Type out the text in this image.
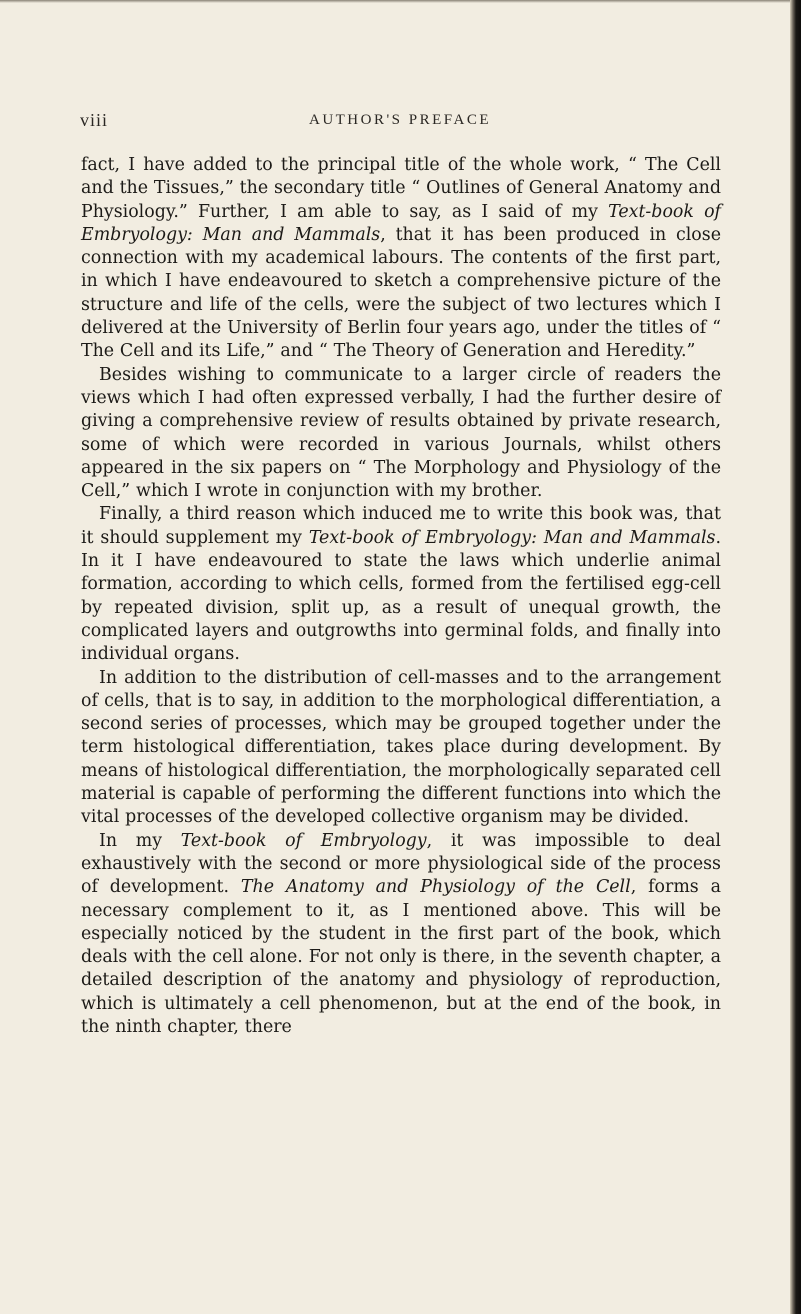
viii	AUTHOR'S PREFACE

fact, I have added to the principal title of the whole work, “ The Cell and the Tissues,” the secondary title “ Outlines of General Anatomy and Physiology.” Further, I am able to say, as I said of my Text-book of Embryology: Man and Mammals, that it has been produced in close connection with my academical labours. The contents of the first part, in which I have endeavoured to sketch a comprehensive picture of the structure and life of the cells, were the subject of two lectures which I delivered at the University of Berlin four years ago, under the titles of “ The Cell and its Life,” and “ The Theory of Generation and Heredity.”

Besides wishing to communicate to a larger circle of readers the views which I had often expressed verbally, I had the further desire of giving a comprehensive review of results obtained by private research, some of which were recorded in various Journals, whilst others appeared in the six papers on “ The Morphology and Physiology of the Cell,” which I wrote in conjunction with my brother.

Finally, a third reason which induced me to write this book was, that it should supplement my Text-book of Embryology: Man and Mammals. In it I have endeavoured to state the laws which underlie animal formation, according to which cells, formed from the fertilised egg-cell by repeated division, split up, as a result of unequal growth, the complicated layers and outgrowths into germinal folds, and finally into individual organs.

In addition to the distribution of cell-masses and to the arrangement of cells, that is to say, in addition to the morphological differentiation, a second series of processes, which may be grouped together under the term histological differentiation, takes place during development. By means of histological differentiation, the morphologically separated cell material is capable of performing the different functions into which the vital processes of the developed collective organism may be divided.

In my Text-book of Embryology, it was impossible to deal exhaustively with the second or more physiological side of the process of development. The Anatomy and Physiology of the Cell, forms a necessary complement to it, as I mentioned above. This will be especially noticed by the student in the first part of the book, which deals with the cell alone. For not only is there, in the seventh chapter, a detailed description of the anatomy and physiology of reproduction, which is ultimately a cell phenomenon, but at the end of the book, in the ninth chapter, there
